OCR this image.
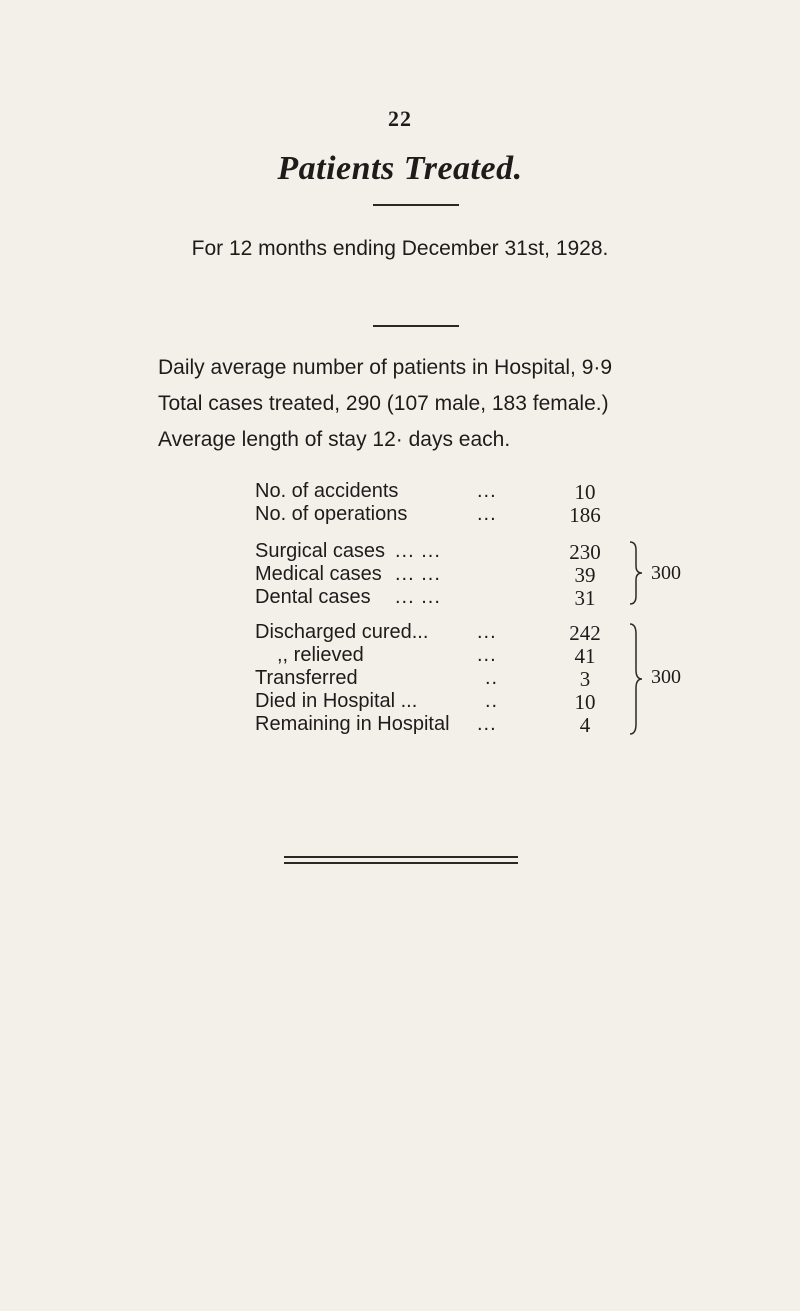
22
Patients Treated.
For 12 months ending December 31st, 1928.
Daily average number of patients in Hospital, 9·9
Total cases treated, 290 (107 male, 183 female.)
Average length of stay 12· days each.
No. of accidents	...	10
No. of operations	...	186
Surgical cases ... ...	230
Medical cases ... ...	39
Dental cases ... ...	31
300
Discharged cured... ...	242
,, relieved	...	41
Transferred	..	3
Died in Hospital ...	..	10
Remaining in Hospital ...	4
300
